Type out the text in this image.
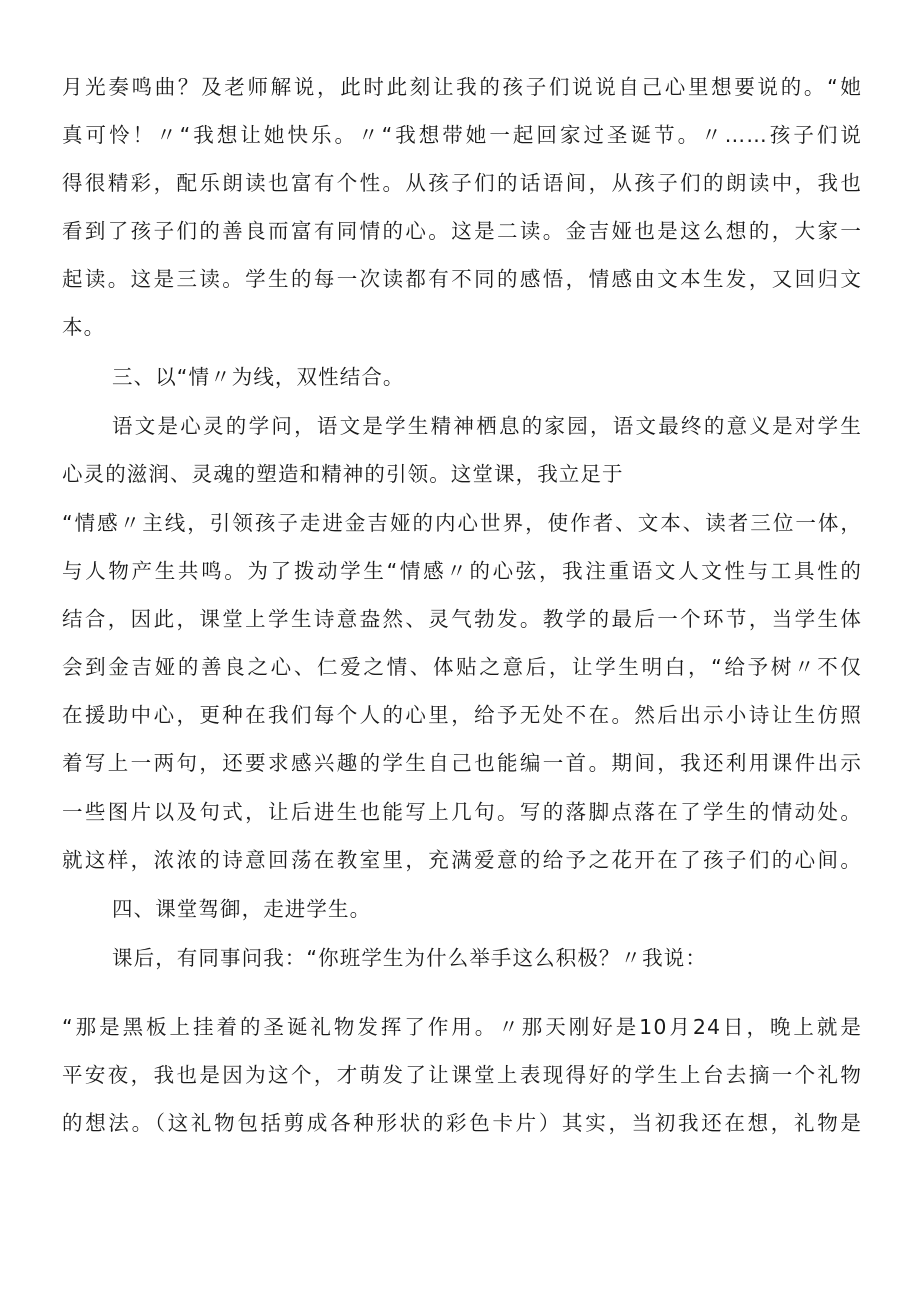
月光奏鸣曲？及老师解说，此时此刻让我的孩子们说说自己心里想要说的。“她
真可怜！〃“我想让她快乐。〃“我想带她一起回家过圣诞节。〃……孩子们说
得很精彩，配乐朗读也富有个性。从孩子们的话语间，从孩子们的朗读中，我也
看到了孩子们的善良而富有同情的心。这是二读。金吉娅也是这么想的，大家一
起读。这是三读。学生的每一次读都有不同的感悟，情感由文本生发，又回归文
本。
三、以“情〃为线，双性结合。
语文是心灵的学问，语文是学生精神栖息的家园，语文最终的意义是对学生
心灵的滋润、灵魂的塑造和精神的引领。这堂课，我立足于
“情感〃主线，引领孩子走进金吉娅的内心世界，使作者、文本、读者三位一体，
与人物产生共鸣。为了拨动学生“情感〃的心弦，我注重语文人文性与工具性的
结合，因此，课堂上学生诗意盎然、灵气勃发。教学的最后一个环节，当学生体
会到金吉娅的善良之心、仁爱之情、体贴之意后，让学生明白，“给予树〃不仅
在援助中心，更种在我们每个人的心里，给予无处不在。然后出示小诗让生仿照
着写上一两句，还要求感兴趣的学生自己也能编一首。期间，我还利用课件出示
一些图片以及句式，让后进生也能写上几句。写的落脚点落在了学生的情动处。
就这样，浓浓的诗意回荡在教室里，充满爱意的给予之花开在了孩子们的心间。
四、课堂驾御，走进学生。
课后，有同事问我：“你班学生为什么举手这么积极？〃我说：
“那是黑板上挂着的圣诞礼物发挥了作用。〃那天刚好是10月24日，晚上就是
平安夜，我也是因为这个，才萌发了让课堂上表现得好的学生上台去摘一个礼物
的想法。（这礼物包括剪成各种形状的彩色卡片）其实，当初我还在想，礼物是
